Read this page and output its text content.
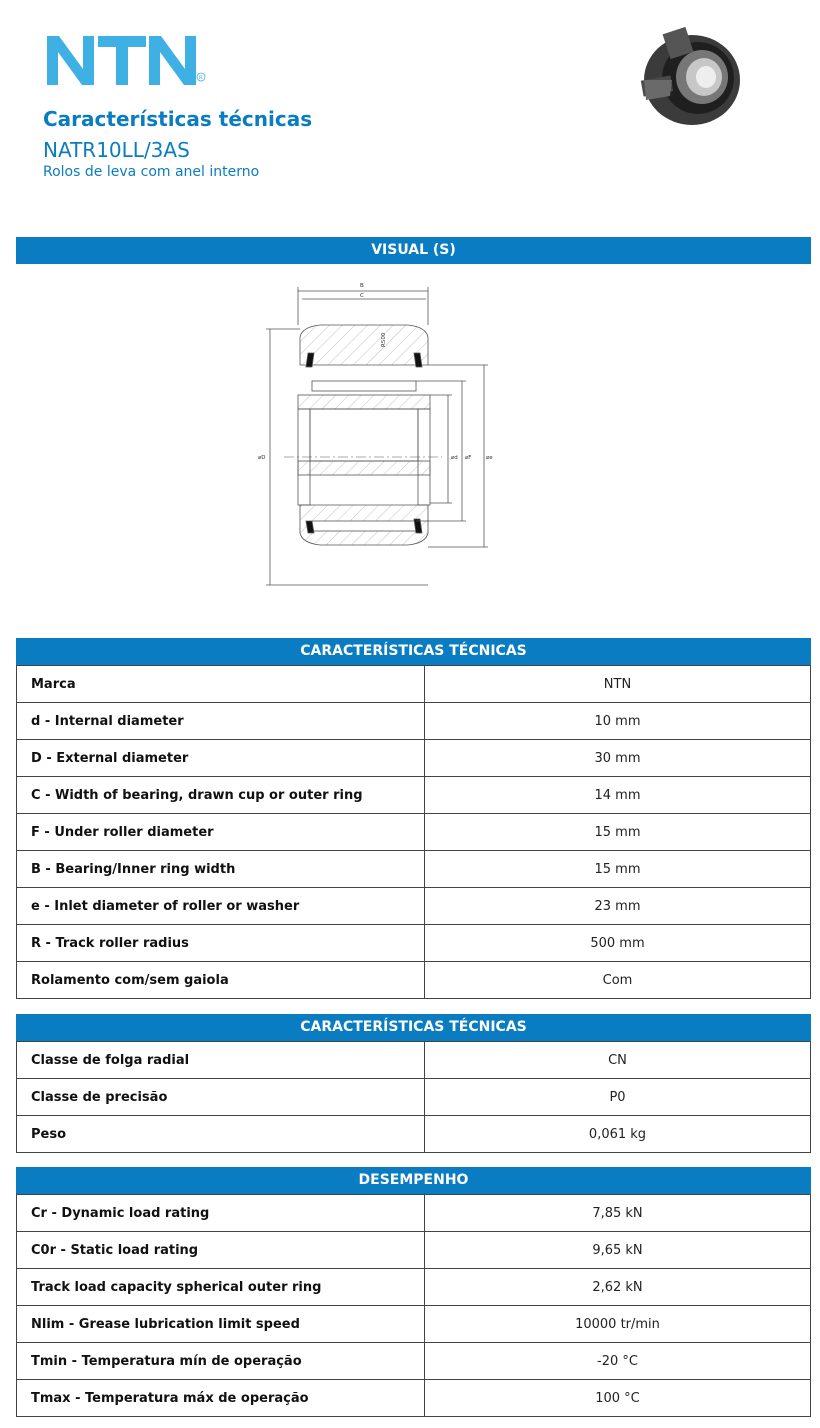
R
Características técnicas
NATR10LL/3AS
Rolos de leva com anel interno
VISUAL (S)
B
C
R500
⌀D	⌀d ⌀F	⌀e
CARACTERÍSTICAS TÉCNICAS
Marca	NTN
d - Internal diameter	10 mm
D - External diameter	30 mm
C - Width of bearing, drawn cup or outer ring	14 mm
F - Under roller diameter	15 mm
B - Bearing/Inner ring width	15 mm
e - Inlet diameter of roller or washer	23 mm
R - Track roller radius	500 mm
Rolamento com/sem gaiola	Com
CARACTERÍSTICAS TÉCNICAS
Classe de folga radial	CN
Classe de precisão	P0
Peso	0,061 kg
DESEMPENHO
Cr - Dynamic load rating	7,85 kN
C0r - Static load rating	9,65 kN
Track load capacity spherical outer ring	2,62 kN
Nlim - Grease lubrication limit speed	10000 tr/min
Tmin - Temperatura mín de operação	-20 °C
Tmax - Temperatura máx de operação	100 °C
